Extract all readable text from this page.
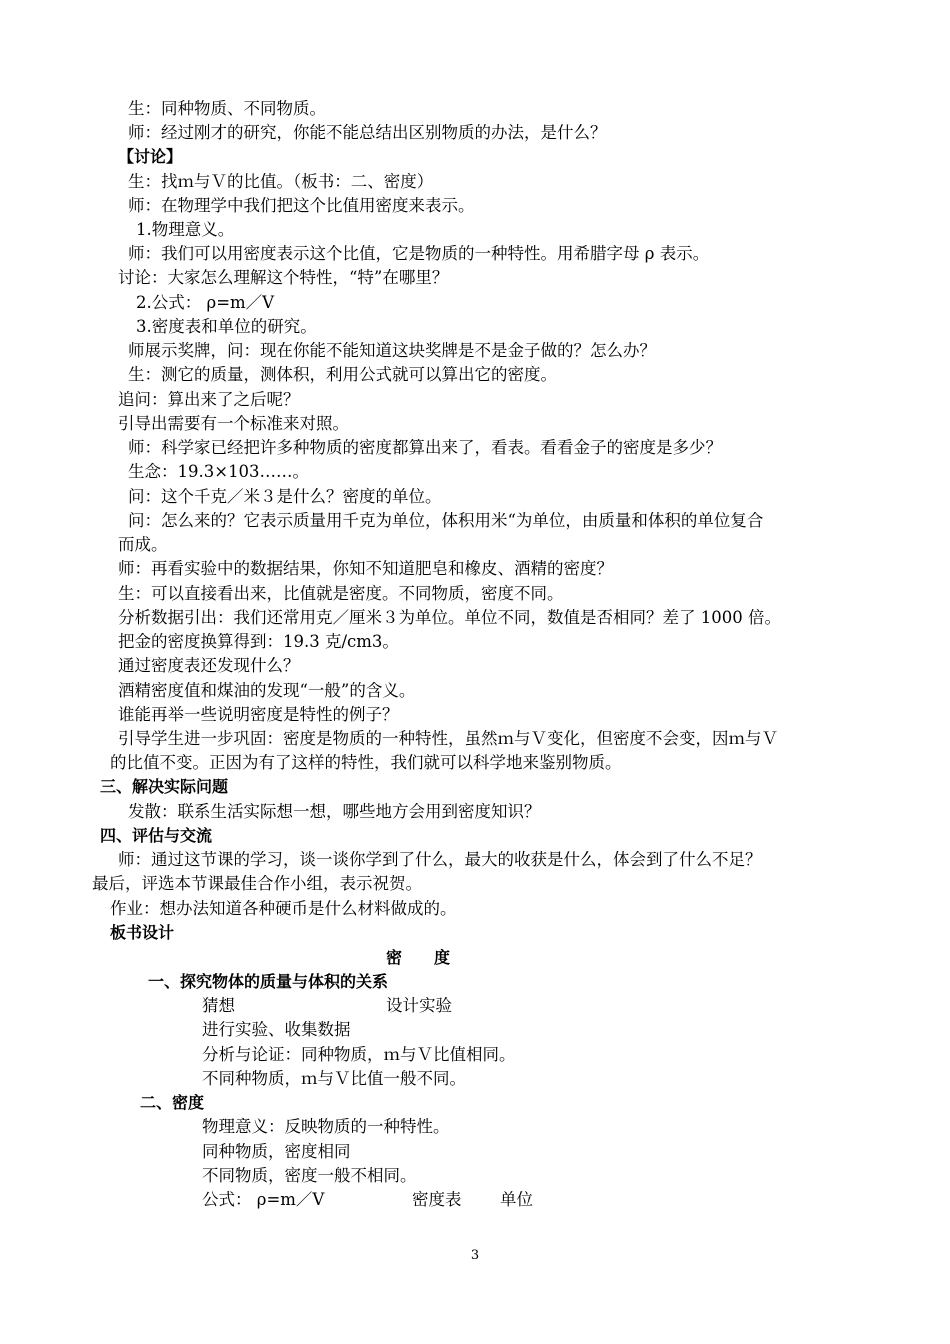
生：同种物质、不同物质。
师：经过刚才的研究，你能不能总结出区别物质的办法，是什么？
【讨论】
生：找ｍ与Ｖ的比值。（板书：二、密度）
师：在物理学中我们把这个比值用密度来表示。
1.物理意义。
师：我们可以用密度表示这个比值，它是物质的一种特性。用希腊字母 ρ 表示。
讨论：大家怎么理解这个特性，“特”在哪里？
2.公式： ρ=m／V
3.密度表和单位的研究。
师展示奖牌，问：现在你能不能知道这块奖牌是不是金子做的？怎么办？
生：测它的质量，测体积，利用公式就可以算出它的密度。
追问：算出来了之后呢？
引导出需要有一个标准来对照。
师：科学家已经把许多种物质的密度都算出来了，看表。看看金子的密度是多少？
生念：19.3×103……。
问：这个千克／米３是什么？密度的单位。
问：怎么来的？它表示质量用千克为单位，体积用米“为单位，由质量和体积的单位复合
而成。
师：再看实验中的数据结果，你知不知道肥皂和橡皮、酒精的密度？
生：可以直接看出来，比值就是密度。不同物质，密度不同。
分析数据引出：我们还常用克／厘米３为单位。单位不同，数值是否相同？差了 1000 倍。
把金的密度换算得到：19.3 克/cm3。
通过密度表还发现什么？
酒精密度值和煤油的发现“一般”的含义。
谁能再举一些说明密度是特性的例子？
引导学生进一步巩固：密度是物质的一种特性，虽然ｍ与Ｖ变化，但密度不会变，因ｍ与Ｖ
的比值不变。正因为有了这样的特性，我们就可以科学地来鉴别物质。
三、解决实际问题
发散：联系生活实际想一想，哪些地方会用到密度知识？
四、评估与交流
师：通过这节课的学习，谈一谈你学到了什么，最大的收获是什么，体会到了什么不足？
最后，评选本节课最佳合作小组，表示祝贺。
作业：想办法知道各种硬币是什么材料做成的。
板书设计
密　　度
一、探究物体的质量与体积的关系
猜想	设计实验
进行实验、收集数据
分析与论证：同种物质，ｍ与Ｖ比值相同。
不同种物质，ｍ与Ｖ比值一般不同。
二、密度
物理意义：反映物质的一种特性。
同种物质，密度相同
不同物质，密度一般不相同。
公式： ρ=m／V	密度表 单位
3
